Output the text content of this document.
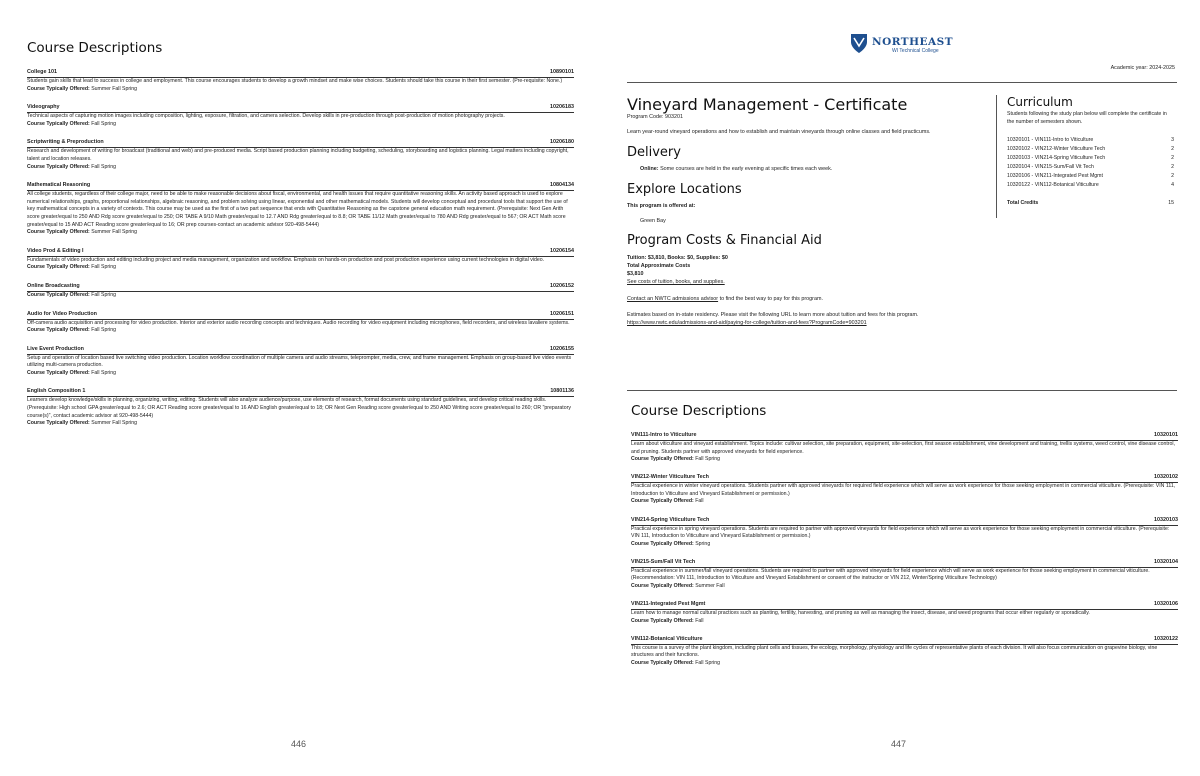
Course Descriptions
College 101	10890101
Students gain skills that lead to success in college and employment. This course encourages students to develop a growth mindset and make wise choices. Students should take this course in their first semester. (Pre-requisite: None.)
Course Typically Offered: Summer Fall Spring
Videography	10206183
Technical aspects of capturing motion images including composition, lighting, exposure, filtration, and camera selection. Develop skills in pre-production through post-production of motion photography projects.
Course Typically Offered: Fall Spring
Scriptwriting & Preproduction	10206180
Research and development of writing for broadcast (traditional and web) and pre-produced media. Script based production planning including budgeting, scheduling, storyboarding and logistics planning. Legal matters including copyright, talent and location releases.
Course Typically Offered: Fall Spring
Mathematical Reasoning	10804134
All college students, regardless of their college major, need to be able to make reasonable decisions about fiscal, environmental, and health issues that require quantitative reasoning skills. An activity based approach is used to explore numerical relationships, graphs, proportional relationships, algebraic reasoning, and problem solving using linear, exponential and other mathematical models. Students will develop conceptual and procedural tools that support the use of key mathematical concepts in a variety of contexts. This course may be used as the first of a two part sequence that ends with Quantitative Reasoning as the capstone general education math requirement. (Prerequisite: Next Gen Arith score greater/equal to 250 AND Rdg score greater/equal to 250; OR TABE A 9/10 Math greater/equal to 12.7 AND Rdg greater/equal to 8.8; OR TABE 11/12 Math greater/equal to 780 AND Rdg greater/equal to 567; OR ACT Math score greater/equal to 15 AND ACT Reading score greater/equal to 16; OR prep courses-contact an academic advisor 920-498-5444)
Course Typically Offered: Summer Fall Spring
Video Prod & Editing I	10206154
Fundamentals of video production and editing including project and media management, organization and workflow. Emphasis on hands-on production and post production experience using current technologies in digital video.
Course Typically Offered: Fall Spring
Online Broadcasting	10206152
Course Typically Offered: Fall Spring
Audio for Video Production	10206151
Off-camera audio acquisition and processing for video production. Interior and exterior audio recording concepts and techniques. Audio recording for video equipment including microphones, field recorders, and wireless lavaliere systems.
Course Typically Offered: Fall Spring
Live Event Production	10206155
Setup and operation of location based live switching video production. Location workflow coordination of multiple camera and audio streams, teleprompter, media, crew, and frame management. Emphasis on group-based live video events utilizing multi-camera production.
Course Typically Offered: Fall Spring
English Composition 1	10801136
Learners develop knowledge/skills in planning, organizing, writing, editing. Students will also analyze audience/purpose, use elements of research, format documents using standard guidelines, and develop critical reading skills. (Prerequisite: High school GPA greater/equal to 2.6; OR ACT Reading score greater/equal to 16 AND English greater/equal to 18; OR Next Gen Reading score greater/equal to 250 AND Writing score greater/equal to 260; OR "preparatory course(s)", contact academic advisor at 920-498-5444)
Course Typically Offered: Summer Fall Spring
446
NORTHEAST
WI Technical College
Academic year: 2024-2025
Vineyard Management - Certificate
Program Code: 903201
Learn year-round vineyard operations and how to establish and maintain vineyards through online classes and field practicums.
Delivery
Online: Some courses are held in the early evening at specific times each week.
Explore Locations
This program is offered at:
Green Bay
Program Costs & Financial Aid
Tuition: $3,810, Books: $0, Supplies: $0
Total Approximate Costs
$3,810
See costs of tuition, books, and supplies.
Contact an NWTC admissions advisor to find the best way to pay for this program.
Estimates based on in-state residency. Please visit the following URL to learn more about tuition and fees for this program.
https://www.nwtc.edu/admissions-and-aid/paying-for-college/tuition-and-fees?ProgramCode=903201
Curriculum
Students following the study plan below will complete the certificate in the number of semesters shown.
10320101 - VIN111-Intro to Viticulture	3
10320102 - VIN212-Winter Viticulture Tech	2
10320103 - VIN214-Spring Viticulture Tech	2
10320104 - VIN215-Sum/Fall Vit Tech	2
10320106 - VIN211-Integrated Pest Mgmt	2
10320122 - VIN112-Botanical Viticulture	4
Total Credits	15
Course Descriptions
VIN111-Intro to Viticulture	10320101
Learn about viticulture and vineyard establishment. Topics include: cultivar selection, site preparation, equipment, site-selection, first season establishment, vine development and training, trellis systems, weed control, vine disease control, and pruning. Students partner with approved vineyards for field experience.
Course Typically Offered: Fall Spring
VIN212-Winter Viticulture Tech	10320102
Practical experience in winter vineyard operations. Students partner with approved vineyards for required field experience which will serve as work experience for those seeking employment in commercial viticulture. (Prerequisite: VIN 111, Introduction to Viticulture and Vineyard Establishment or permission.)
Course Typically Offered: Fall
VIN214-Spring Viticulture Tech	10320103
Practical experience in spring vineyard operations. Students are required to partner with approved vineyards for field experience which will serve as work experience for those seeking employment in commercial viticulture. (Prerequisite: VIN 111, Introduction to Viticulture and Vineyard Establishment or permission.)
Course Typically Offered: Spring
VIN215-Sum/Fall Vit Tech	10320104
Practical experience in summer/fall vineyard operations. Students are required to partner with approved vineyards for field experience which will serve as work experience for those seeking employment in commercial viticulture. (Recommendation: VIN 111, Introduction to Viticulture and Vineyard Establishment or consent of the instructor or VIN 212, Winter/Spring Viticulture Technology)
Course Typically Offered: Summer Fall
VIN211-Integrated Pest Mgmt	10320106
Learn how to manage normal cultural practices such as planting, fertility, harvesting, and pruning as well as managing the insect, disease, and weed programs that occur either regularly or sporadically.
Course Typically Offered: Fall
VIN112-Botanical Viticulture	10320122
This course is a survey of the plant kingdom, including plant cells and tissues, the ecology, morphology, physiology and life cycles of representative plants of each division. It will also focus communication on grapevine biology, vine structures and their functions.
Course Typically Offered: Fall Spring
447
